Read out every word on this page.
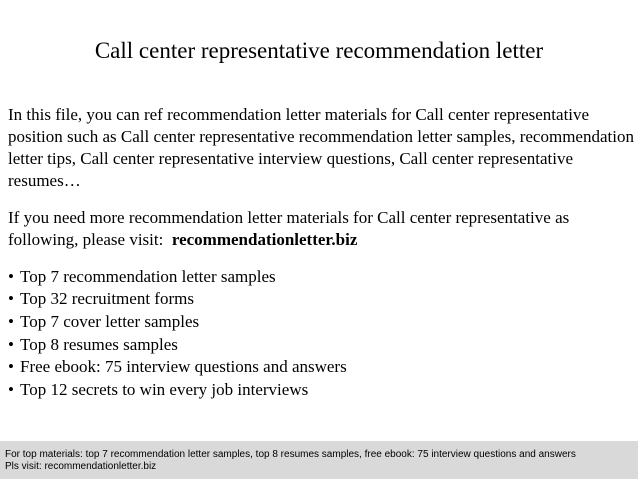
Call center representative recommendation letter

In this file, you can ref recommendation letter materials for Call center representative position such as Call center representative recommendation letter samples, recommendation letter tips, Call center representative interview questions, Call center representative resumes…

If you need more recommendation letter materials for Call center representative as following, please visit: recommendationletter.biz

• Top 7 recommendation letter samples
• Top 32 recruitment forms
• Top 7 cover letter samples
• Top 8 resumes samples
• Free ebook: 75 interview questions and answers
• Top 12 secrets to win every job interviews
For top materials: top 7 recommendation letter samples, top 8 resumes samples, free ebook: 75 interview questions and answers
Pls visit: recommendationletter.biz
